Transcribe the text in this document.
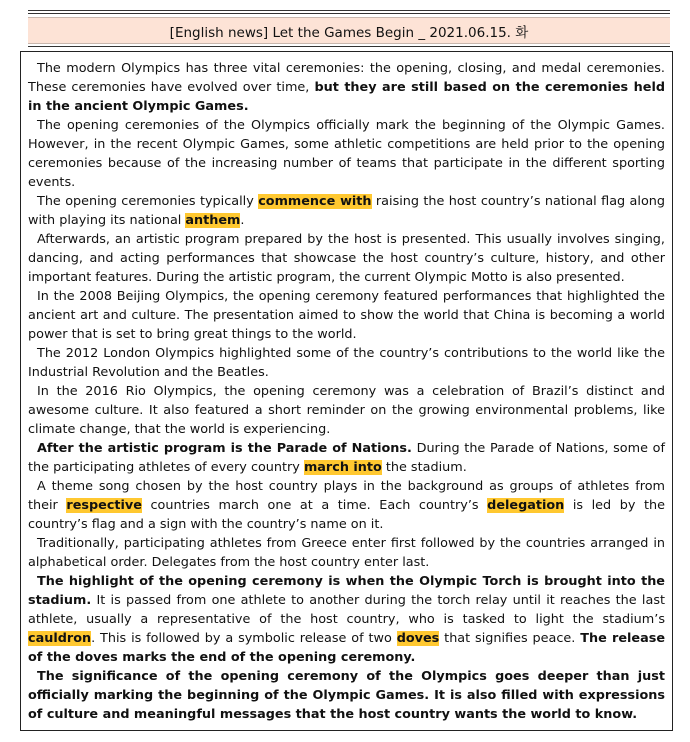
[English news] Let the Games Begin _ 2021.06.15. 화

The modern Olympics has three vital ceremonies: the opening, closing, and medal ceremonies. These ceremonies have evolved over time, but they are still based on the ceremonies held in the ancient Olympic Games.

The opening ceremonies of the Olympics officially mark the beginning of the Olympic Games. However, in the recent Olympic Games, some athletic competitions are held prior to the opening ceremonies because of the increasing number of teams that participate in the different sporting events.

The opening ceremonies typically commence with raising the host country’s national flag along with playing its national anthem.

Afterwards, an artistic program prepared by the host is presented. This usually involves singing, dancing, and acting performances that showcase the host country’s culture, history, and other important features. During the artistic program, the current Olympic Motto is also presented.

In the 2008 Beijing Olympics, the opening ceremony featured performances that highlighted the ancient art and culture. The presentation aimed to show the world that China is becoming a world power that is set to bring great things to the world.

The 2012 London Olympics highlighted some of the country’s contributions to the world like the Industrial Revolution and the Beatles.

In the 2016 Rio Olympics, the opening ceremony was a celebration of Brazil’s distinct and awesome culture. It also featured a short reminder on the growing environmental problems, like climate change, that the world is experiencing.

After the artistic program is the Parade of Nations. During the Parade of Nations, some of the participating athletes of every country march into the stadium.

A theme song chosen by the host country plays in the background as groups of athletes from their respective countries march one at a time. Each country’s delegation is led by the country’s flag and a sign with the country’s name on it.

Traditionally, participating athletes from Greece enter first followed by the countries arranged in alphabetical order. Delegates from the host country enter last.

The highlight of the opening ceremony is when the Olympic Torch is brought into the stadium. It is passed from one athlete to another during the torch relay until it reaches the last athlete, usually a representative of the host country, who is tasked to light the stadium’s cauldron. This is followed by a symbolic release of two doves that signifies peace. The release of the doves marks the end of the opening ceremony.

The significance of the opening ceremony of the Olympics goes deeper than just officially marking the beginning of the Olympic Games. It is also filled with expressions of culture and meaningful messages that the host country wants the world to know.
